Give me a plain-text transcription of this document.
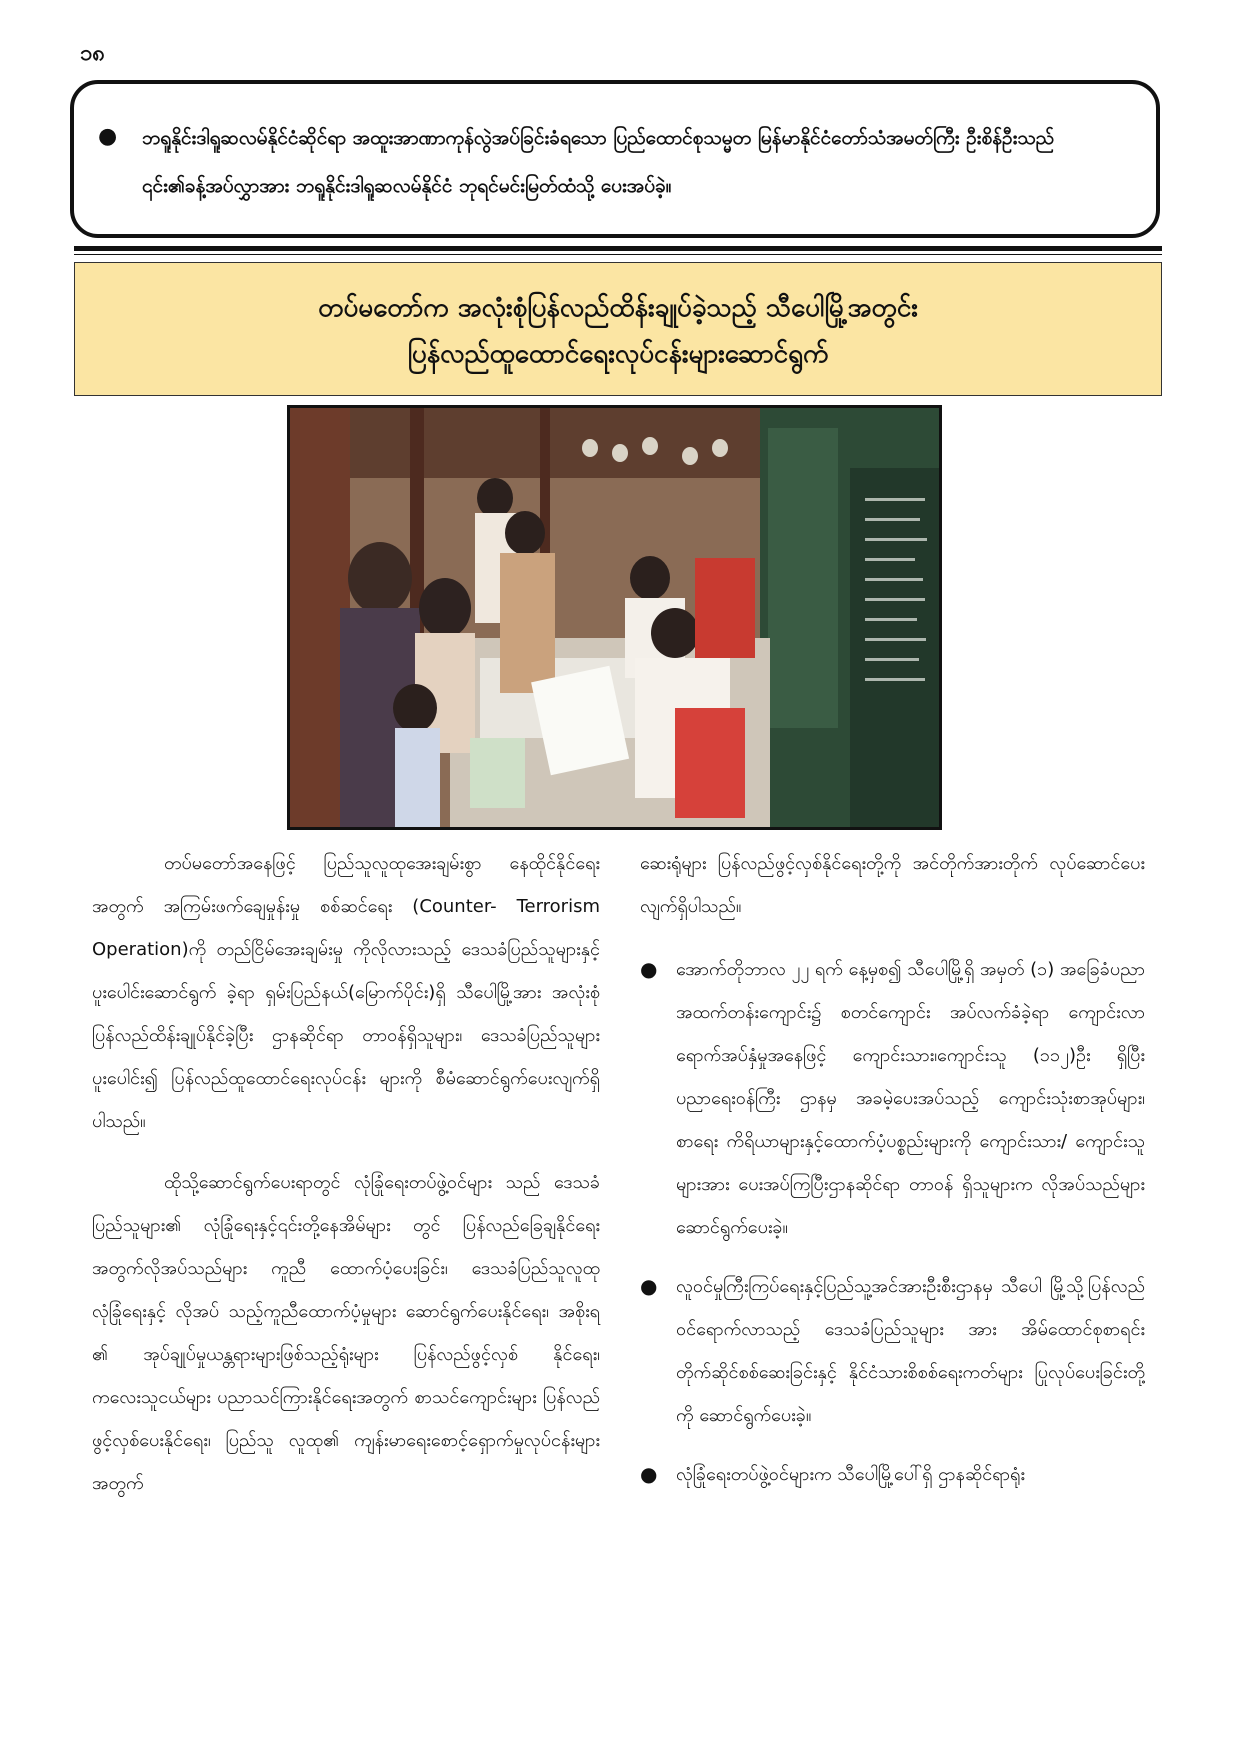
၁၈
● ဘရူနိုင်းဒါရူဆလမ်နိုင်ငံဆိုင်ရာ အထူးအာဏာကုန်လွဲအပ်ခြင်းခံရသော ပြည်ထောင်စုသမ္မတ မြန်မာနိုင်ငံတော်သံအမတ်ကြီး ဦးစိန်ဦးသည် ၎င်း၏ခန့်အပ်လွှာအား ဘရူနိုင်းဒါရူဆလမ်နိုင်ငံ ဘုရင်မင်းမြတ်ထံသို့ ပေးအပ်ခဲ့။

တပ်မတော်က အလုံးစုံပြန်လည်ထိန်းချုပ်ခဲ့သည့် သီပေါမြို့အတွင်း
ပြန်လည်ထူထောင်ရေးလုပ်ငန်းများဆောင်ရွက်

တပ်မတော်အနေဖြင့် ပြည်သူလူထုအေးချမ်းစွာ နေထိုင်နိုင်ရေးအတွက် အကြမ်းဖက်ချေမှုန်းမှု စစ်ဆင်ရေး (Counter- Terrorism Operation)ကို တည်ငြိမ်အေးချမ်းမှု ကိုလိုလားသည့် ဒေသခံပြည်သူများနှင့်ပူးပေါင်းဆောင်ရွက် ခဲ့ရာ ရှမ်းပြည်နယ်(မြောက်ပိုင်း)ရှိ သီပေါမြို့အား အလုံးစုံ ပြန်လည်ထိန်းချုပ်နိုင်ခဲ့ပြီး ဌာနဆိုင်ရာ တာဝန်ရှိသူများ၊ ဒေသခံပြည်သူများပူးပေါင်း၍ ပြန်လည်ထူထောင်ရေးလုပ်ငန်း များကို စီမံဆောင်ရွက်ပေးလျက်ရှိပါသည်။

ထိုသို့ဆောင်ရွက်ပေးရာတွင် လုံခြုံရေးတပ်ဖွဲ့ဝင်များ သည် ဒေသခံပြည်သူများ၏ လုံခြုံရေးနှင့်၎င်းတို့နေအိမ်များ တွင် ပြန်လည်ခြေချနိုင်ရေးအတွက်လိုအပ်သည်များ ကူညီ ထောက်ပံ့ပေးခြင်း၊ ဒေသခံပြည်သူလူထုလုံခြုံရေးနှင့် လိုအပ် သည့်ကူညီထောက်ပံ့မှုများ ဆောင်ရွက်ပေးနိုင်ရေး၊ အစိုးရ ၏ အုပ်ချုပ်မှုယန္တရားများဖြစ်သည့်ရုံးများ ပြန်လည်ဖွင့်လှစ် နိုင်ရေး၊ ကလေးသူငယ်များ ပညာသင်ကြားနိုင်ရေးအတွက် စာသင်ကျောင်းများ ပြန်လည်ဖွင့်လှစ်ပေးနိုင်ရေး၊ ပြည်သူ လူထု၏ ကျန်းမာရေးစောင့်ရှောက်မှုလုပ်ငန်းများအတွက်

ဆေးရုံများ ပြန်လည်ဖွင့်လှစ်နိုင်ရေးတို့ကို အင်တိုက်အားတိုက် လုပ်ဆောင်ပေးလျက်ရှိပါသည်။

● အောက်တိုဘာလ ၂၂ ရက် နေ့မှစ၍ သီပေါမြို့ရှိ အမှတ် (၁) အခြေခံပညာအထက်တန်းကျောင်း၌ စတင်ကျောင်း အပ်လက်ခံခဲ့ရာ ကျောင်းလာရောက်အပ်နှံမှုအနေဖြင့် ကျောင်းသား၊ကျောင်းသူ (၁၁၂)ဦး ရှိပြီး ပညာရေးဝန်ကြီး ဌာနမှ အခမဲ့ပေးအပ်သည့် ကျောင်းသုံးစာအုပ်များ၊ စာရေး ကိရိယာများနှင့်ထောက်ပံ့ပစ္စည်းများကို ကျောင်းသား/ ကျောင်းသူများအား ပေးအပ်ကြပြီးဌာနဆိုင်ရာ တာဝန် ရှိသူများက လိုအပ်သည်များ ဆောင်ရွက်ပေးခဲ့။
● လူဝင်မှုကြီးကြပ်ရေးနှင့်ပြည်သူ့အင်အားဦးစီးဌာနမှ သီပေါ မြို့သို့ပြန်လည်ဝင်ရောက်လာသည့် ဒေသခံပြည်သူများ အား အိမ်ထောင်စုစာရင်း တိုက်ဆိုင်စစ်ဆေးခြင်းနှင့် နိုင်ငံသားစိစစ်ရေးကတ်များ ပြုလုပ်ပေးခြင်းတို့ကို ဆောင်ရွက်ပေးခဲ့။
● လုံခြုံရေးတပ်ဖွဲ့ဝင်များက သီပေါမြို့ပေါ်ရှိ ဌာနဆိုင်ရာရုံး
